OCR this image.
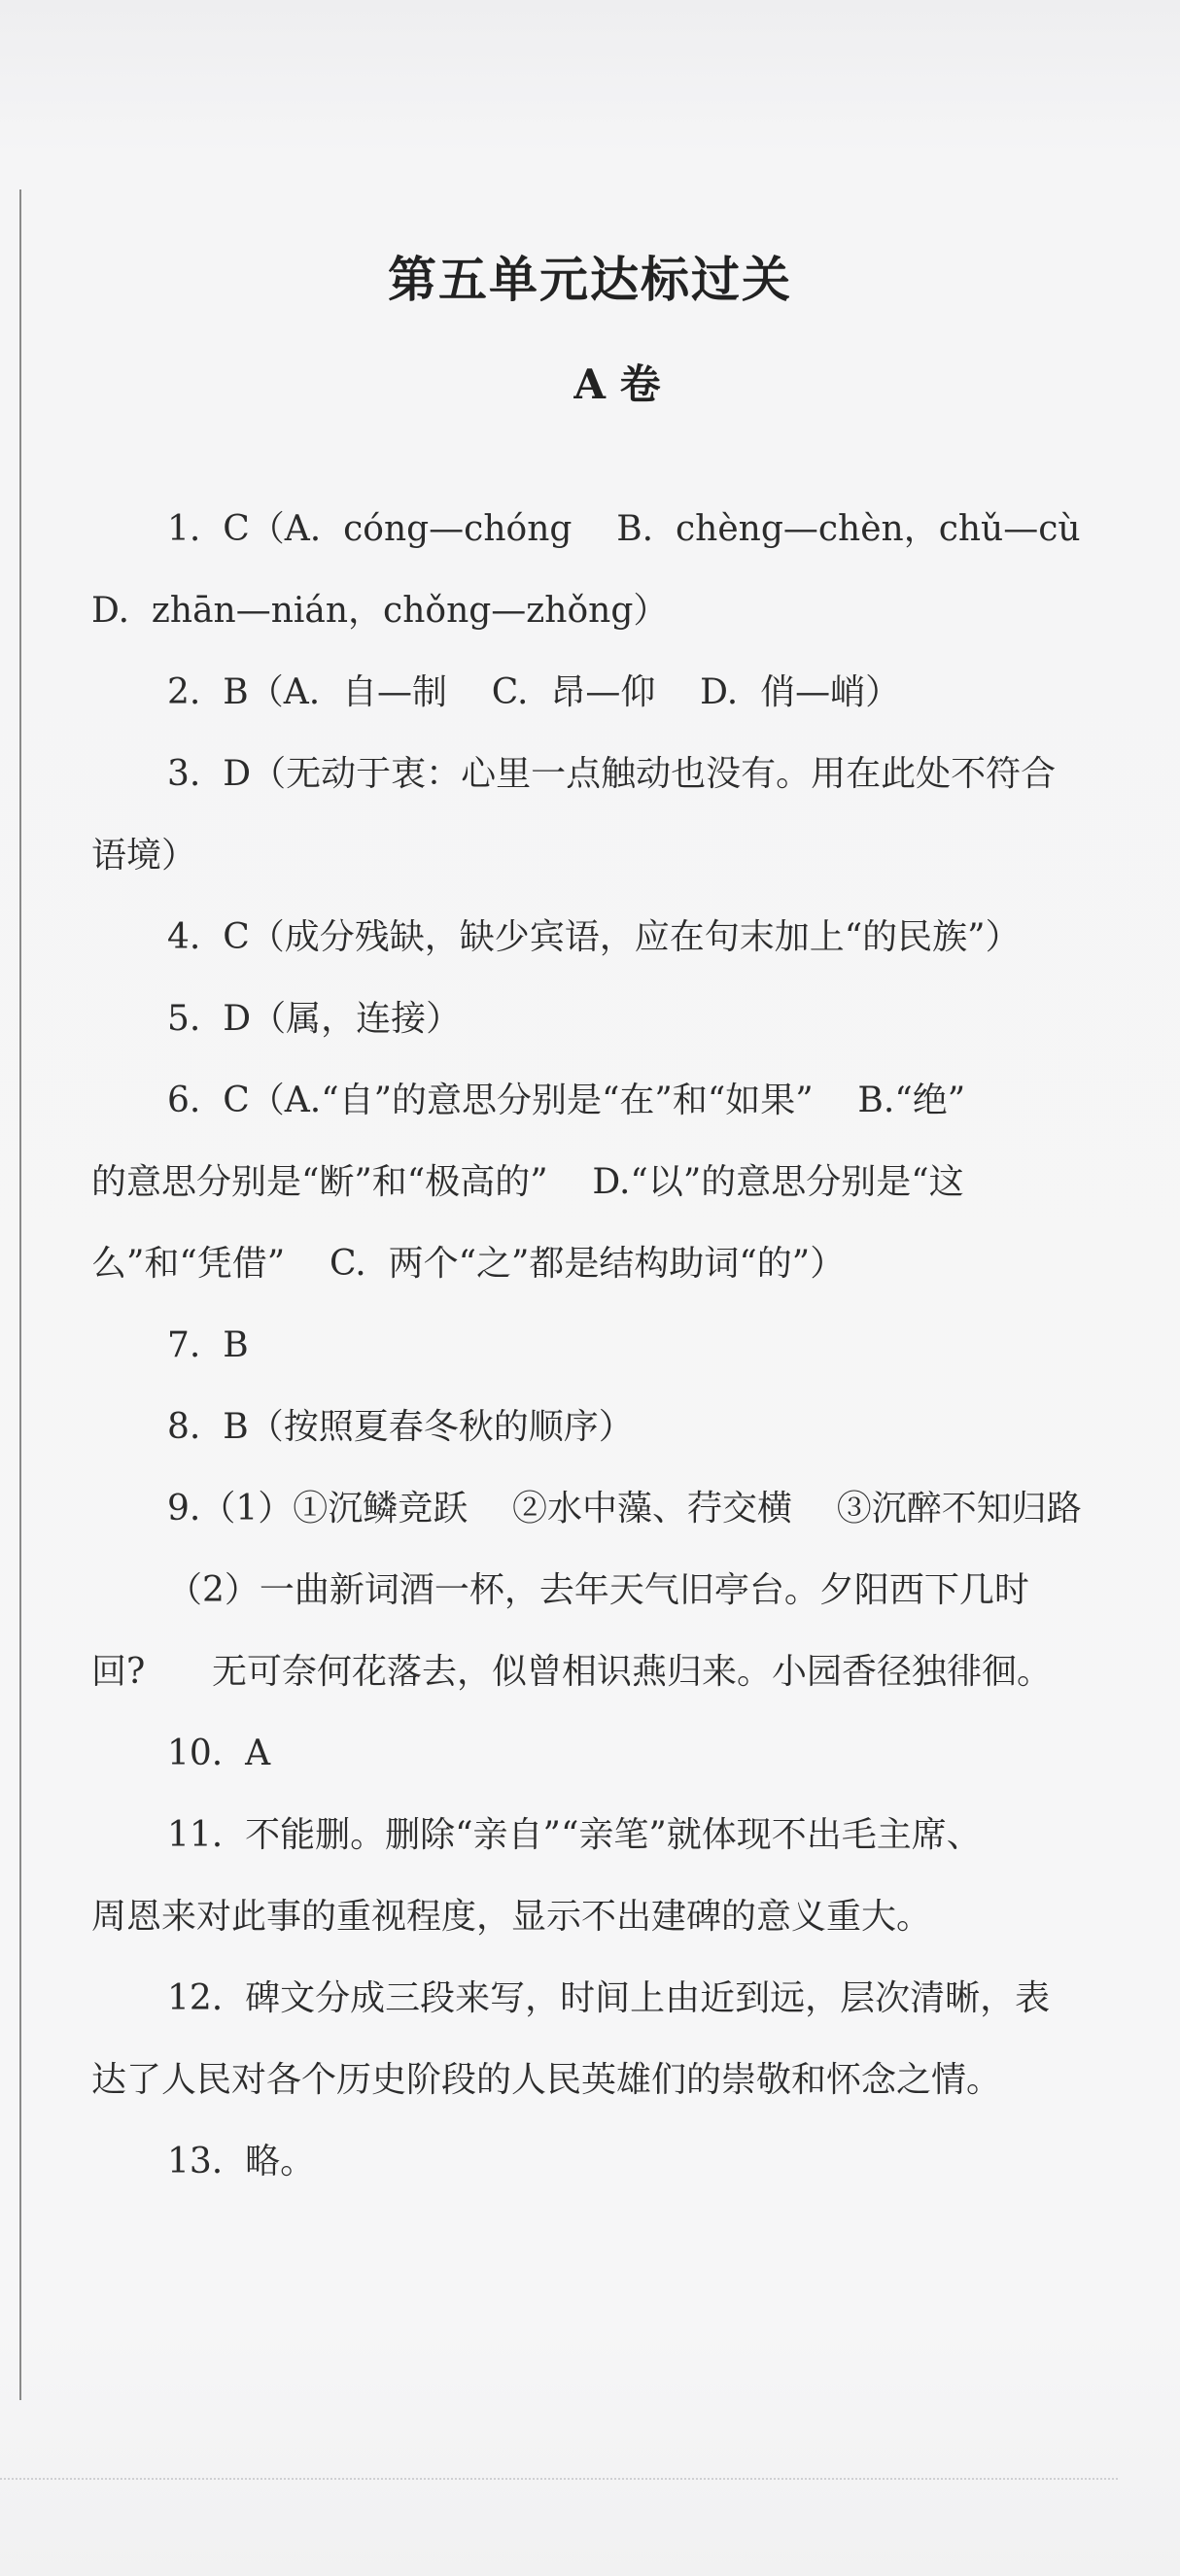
第五单元达标过关
A 卷
1.  C（A.  cóng—chóng    B.  chèng—chèn，chǔ—cù
D.  zhān—nián，chǒng—zhǒng）
2.  B（A.  自—制    C.  昂—仰    D.  俏—峭）
3.  D（无动于衷：心里一点触动也没有。用在此处不符合
语境）
4.  C（成分残缺，缺少宾语，应在句末加上“的民族”）
5.  D（属，连接）
6.  C（A.“自”的意思分别是“在”和“如果”    B.“绝”
的意思分别是“断”和“极高的”    D.“以”的意思分别是“这
么”和“凭借”    C.  两个“之”都是结构助词“的”）
7.  B
8.  B（按照夏春冬秋的顺序）
9.（1）①沉鳞竞跃    ②水中藻、荇交横    ③沉醉不知归路
（2）一曲新词酒一杯，去年天气旧亭台。夕阳西下几时
回?      无可奈何花落去，似曾相识燕归来。小园香径独徘徊。
10.  A
11.  不能删。删除“亲自”“亲笔”就体现不出毛主席、
周恩来对此事的重视程度，显示不出建碑的意义重大。
12.  碑文分成三段来写，时间上由近到远，层次清晰，表
达了人民对各个历史阶段的人民英雄们的崇敬和怀念之情。
13.  略。
